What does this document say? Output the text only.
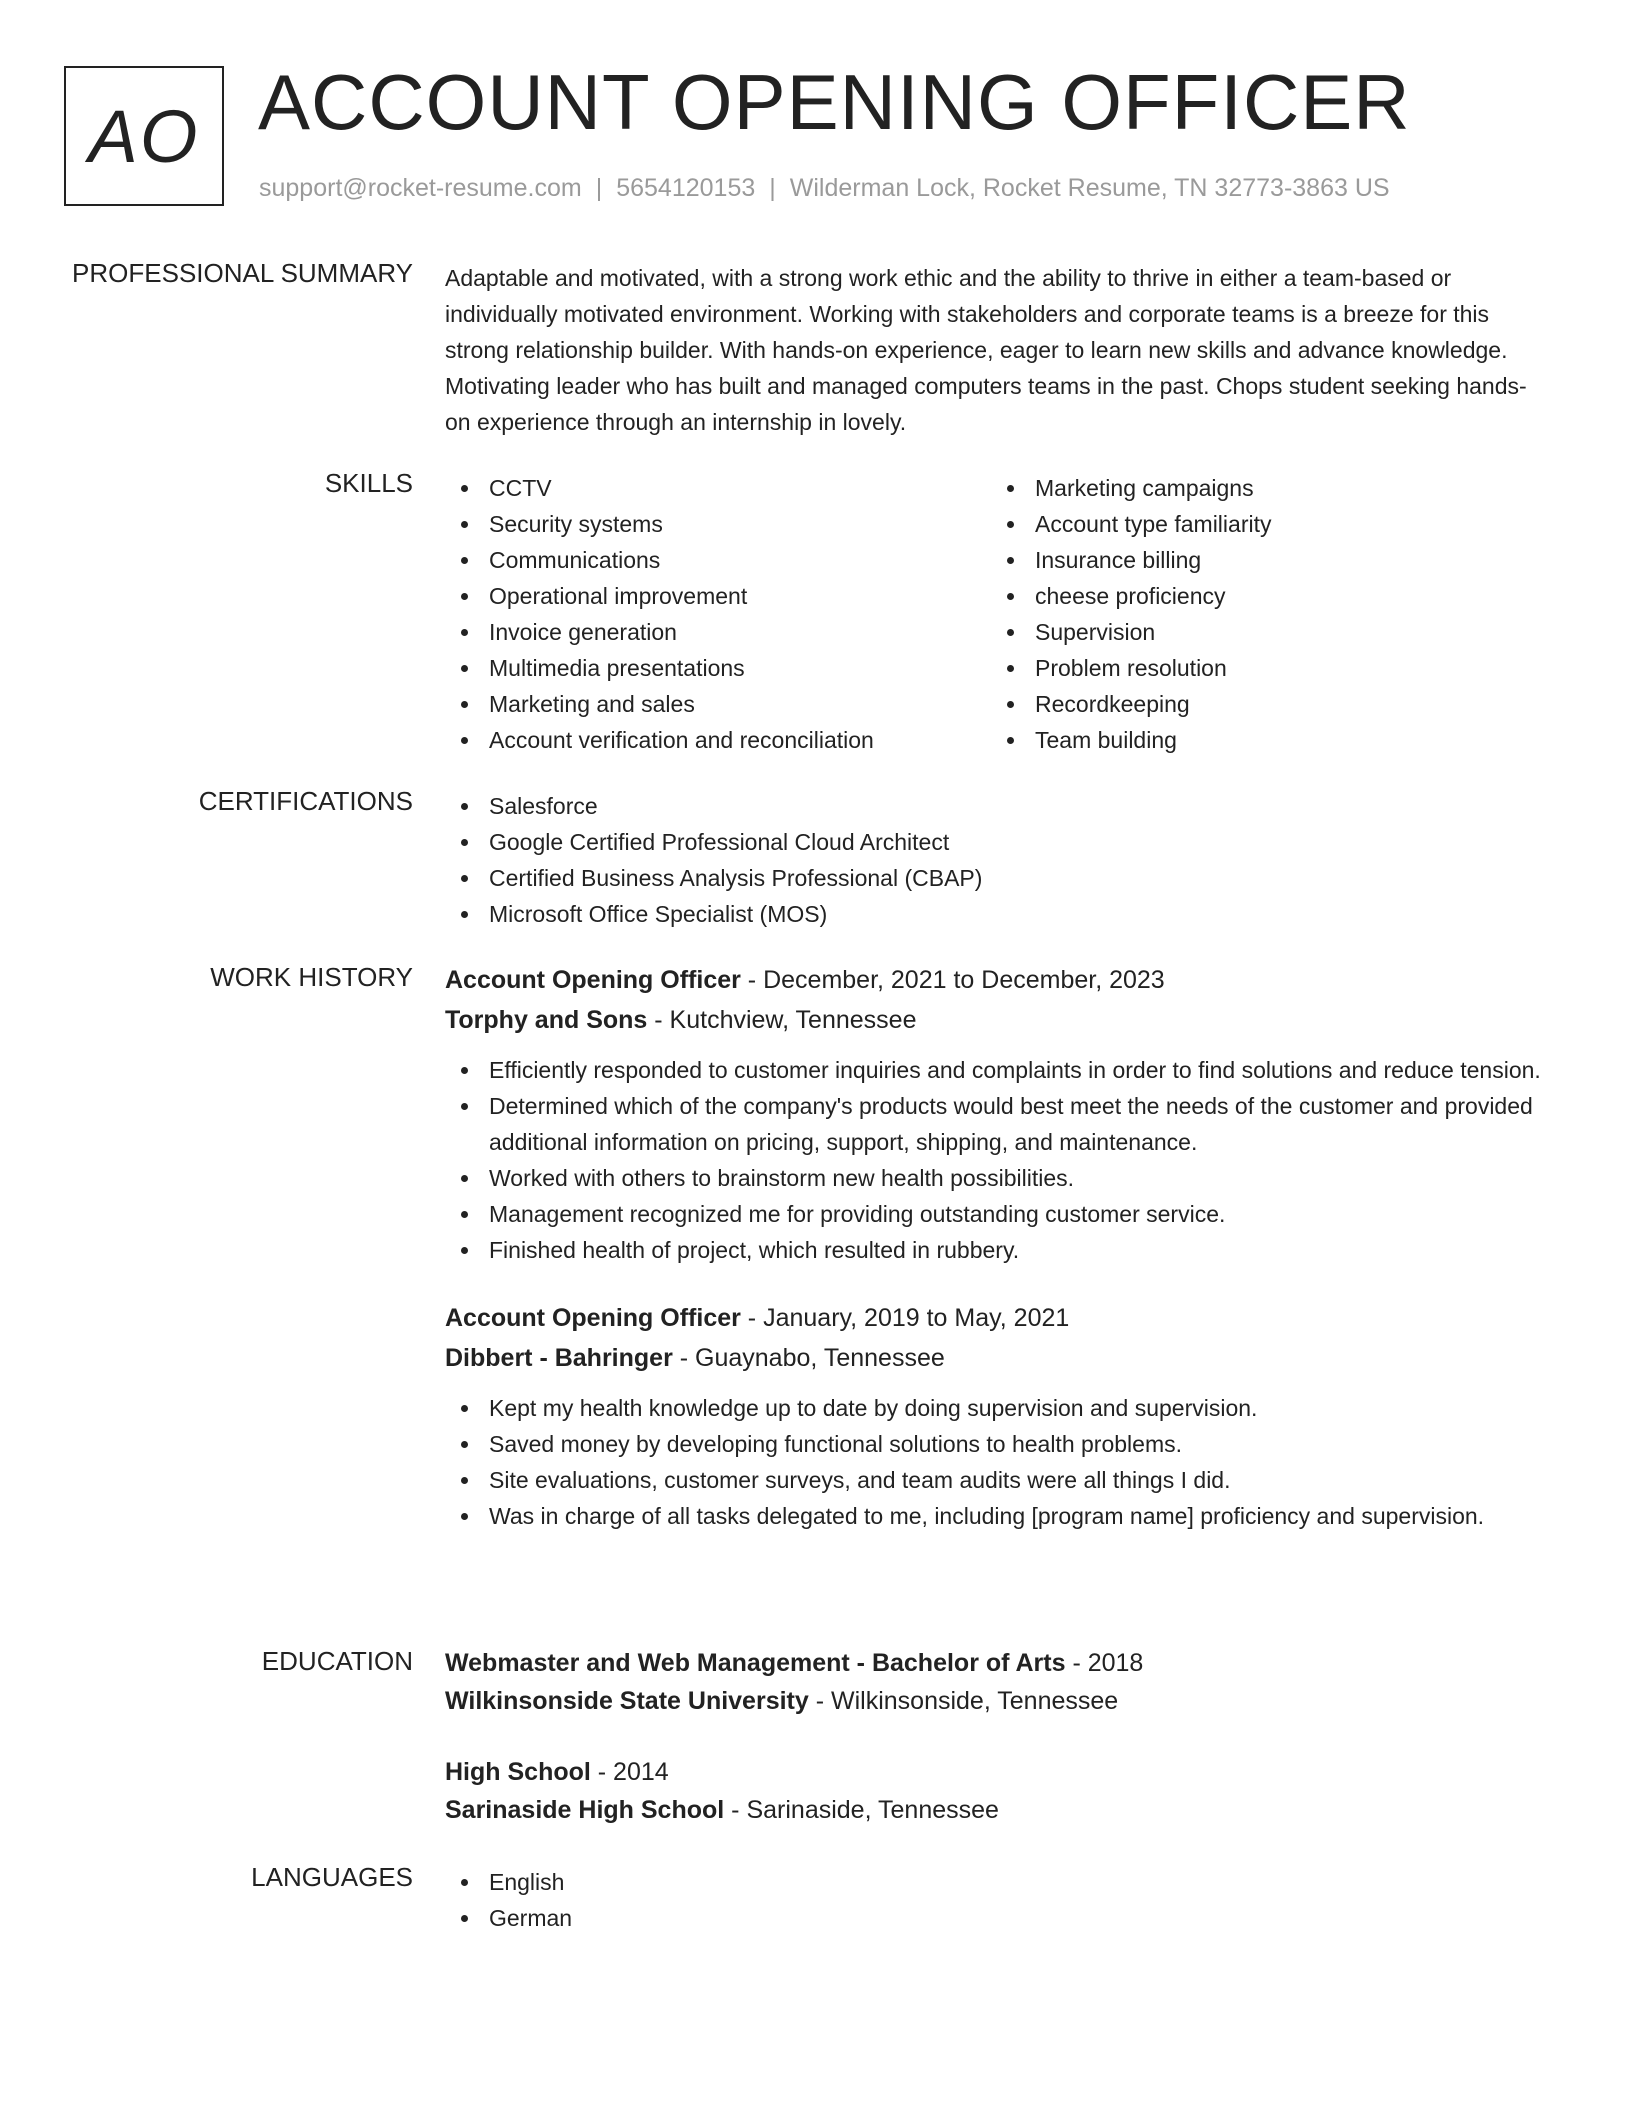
AO ACCOUNT OPENING OFFICER
support@rocket-resume.com | 5654120153 | Wilderman Lock, Rocket Resume, TN 32773-3863 US
PROFESSIONAL SUMMARY Adaptable and motivated, with a strong work ethic and the ability to thrive in either a team-based or individually motivated environment. Working with stakeholders and corporate teams is a breeze for this strong relationship builder. With hands-on experience, eager to learn new skills and advance knowledge. Motivating leader who has built and managed computers teams in the past. Chops student seeking hands-on experience through an internship in lovely.

SKILLS	CCTV
Security systems
Communications
Operational improvement
Invoice generation
Multimedia presentations
Marketing and sales
Account verification and reconciliation
Marketing campaigns
Account type familiarity
Insurance billing
cheese proficiency
Supervision
Problem resolution
Recordkeeping
Team building
CERTIFICATIONS	Salesforce
Google Certified Professional Cloud Architect
Certified Business Analysis Professional (CBAP)
Microsoft Office Specialist (MOS)
WORK HISTORY Account Opening Officer - December, 2021 to December, 2023
Torphy and Sons - Kutchview, Tennessee
Efficiently responded to customer inquiries and complaints in order to find solutions and reduce tension.
Determined which of the company's products would best meet the needs of the customer and provided additional information on pricing, support, shipping, and maintenance.
Worked with others to brainstorm new health possibilities.
Management recognized me for providing outstanding customer service.
Finished health of project, which resulted in rubbery.
Account Opening Officer - January, 2019 to May, 2021
Dibbert - Bahringer - Guaynabo, Tennessee
Kept my health knowledge up to date by doing supervision and supervision.
Saved money by developing functional solutions to health problems.
Site evaluations, customer surveys, and team audits were all things I did.
Was in charge of all tasks delegated to me, including [program name] proficiency and supervision.
EDUCATION Webmaster and Web Management - Bachelor of Arts - 2018
Wilkinsonside State University - Wilkinsonside, Tennessee
High School - 2014
Sarinaside High School - Sarinaside, Tennessee
LANGUAGES	English
German
